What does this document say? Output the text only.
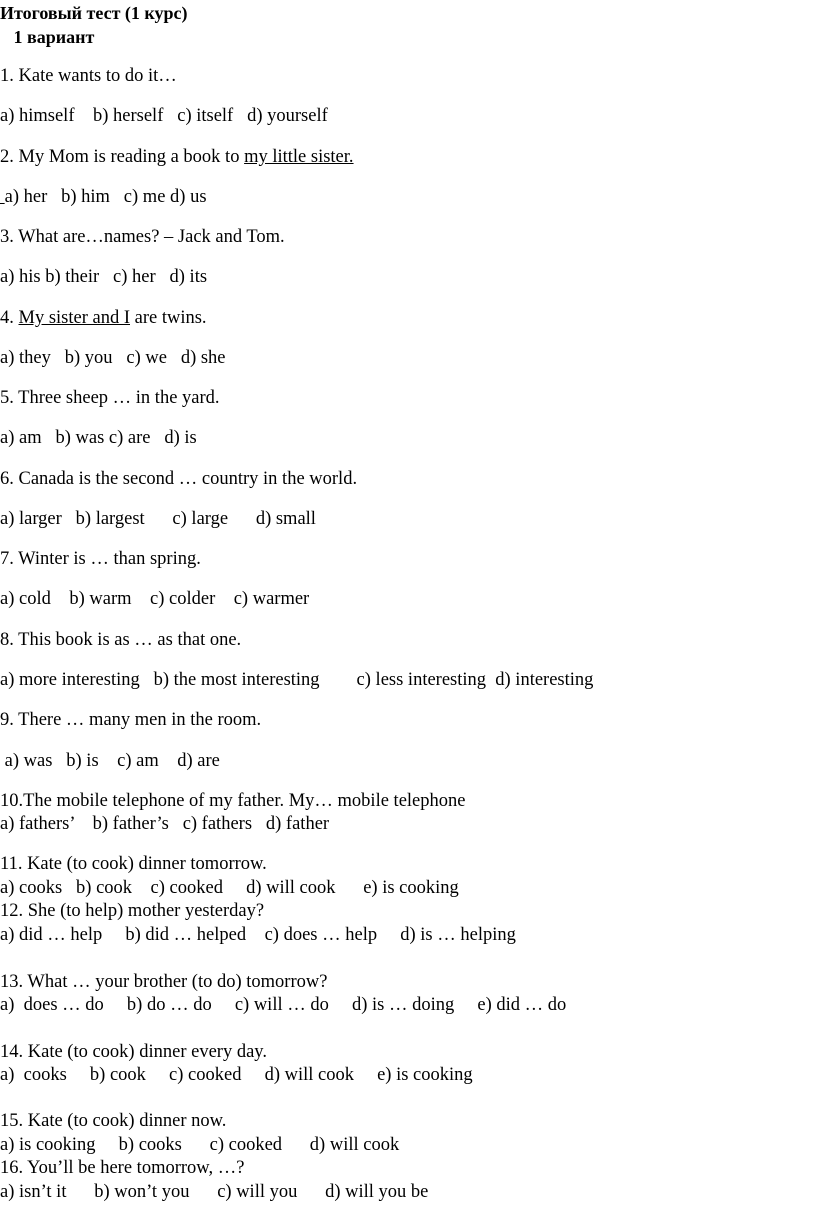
Итоговый тест (1 курс)
1 вариант
1. Kate wants to do it…
a) himself    b) herself   c) itself   d) yourself
2. My Mom is reading a book to my little sister.
a) her   b) him   c) me d) us
3. What are…names? – Jack and Tom.
a) his b) their   c) her   d) its
4. My sister and I are twins.
a) they   b) you   c) we   d) she
5. Three sheep … in the yard.
a) am   b) was c) are   d) is
6. Canada is the second … country in the world.
a) larger   b) largest      c) large      d) small
7. Winter is … than spring.
a) cold    b) warm    c) colder    c) warmer
8. This book is as … as that one.
a) more interesting   b) the most interesting        c) less interesting  d) interesting
9. There … many men in the room.
a) was   b) is    c) am    d) are
10.The mobile telephone of my father. My… mobile telephone
a) fathers’    b) father’s   c) fathers   d) father
11. Kate (to cook) dinner tomorrow.
a) cooks   b) cook    c) cooked     d) will cook      e) is cooking
12. She (to help) mother yesterday?
a) did … help     b) did … helped    c) does … help     d) is … helping
13. What … your brother (to do) tomorrow?
a)  does … do     b) do … do     c) will … do     d) is … doing     e) did … do
14. Kate (to cook) dinner every day.
a)  cooks     b) cook     c) cooked     d) will cook     e) is cooking
15. Kate (to cook) dinner now.
a) is cooking     b) cooks      c) cooked      d) will cook
16. You’ll be here tomorrow, …?
a) isn’t it      b) won’t you      c) will you      d) will you be
